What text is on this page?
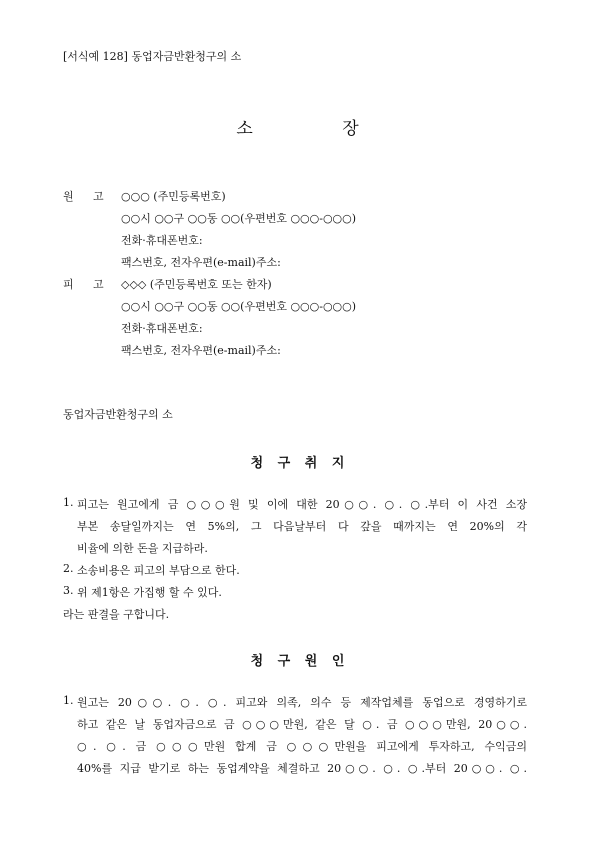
[서식예 128] 동업자금반환청구의 소
소 장
원 고 ○○○ (주민등록번호)
○○시 ○○구 ○○동 ○○(우편번호 ○○○-○○○)
전화·휴대폰번호:
팩스번호, 전자우편(e-mail)주소:
피 고 ◇◇◇ (주민등록번호 또는 한자)
○○시 ○○구 ○○동 ○○(우편번호 ○○○-○○○)
전화·휴대폰번호:
팩스번호, 전자우편(e-mail)주소:
동업자금반환청구의 소
청 구 취 지
1. 피고는 원고에게 금 ○○○원 및 이에 대한 20○○. ○. ○.부터 이 사건 소장
부본 송달일까지는 연 5%의, 그 다음날부터 다 갚을 때까지는 연 20%의 각
비율에 의한 돈을 지급하라.
2. 소송비용은 피고의 부담으로 한다.
3. 위 제1항은 가집행 할 수 있다.
라는 판결을 구합니다.
청 구 원 인
1. 원고는 20○○. ○. ○. 피고와 의족, 의수 등 제작업체를 동업으로 경영하기로
하고 같은 날 동업자금으로 금 ○○○만원, 같은 달 ○. 금 ○○○만원, 20○○.
○. ○. 금 ○○○만원 합계 금 ○○○만원을 피고에게 투자하고, 수익금의
40%를 지급 받기로 하는 동업계약을 체결하고 20○○. ○. ○.부터 20○○. ○.
